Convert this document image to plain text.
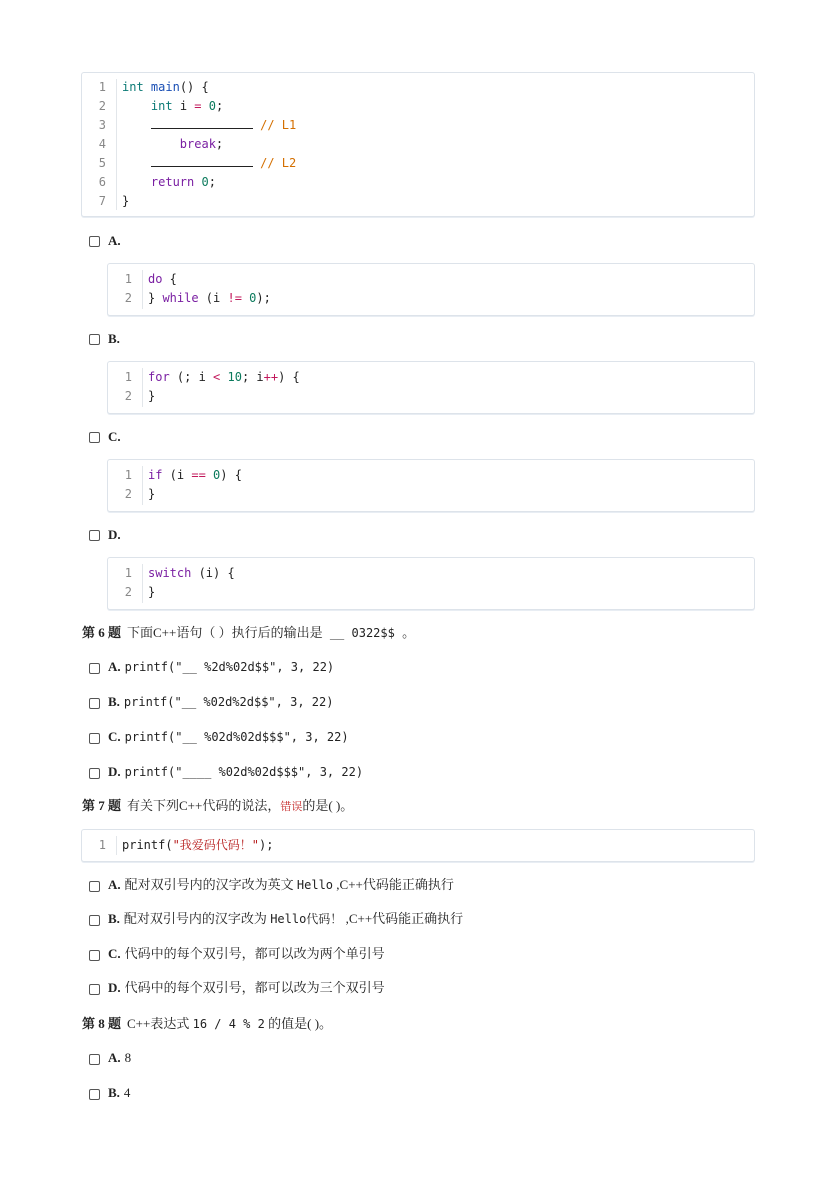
1 int main() {
2	int i = 0;
3	// L1
4	break;
5	// L2
6	return 0;
7 }
A.
1 do {
2 } while (i != 0);
B.
1 for (; i < 10; i++) {
2 }
C.
1 if (i == 0) {
2 }
D.
1 switch (i) {
2 }
第 6 题 下面C++语句（ ）执行后的输出是 __ 0322$$ 。
A. printf("__ %2d%02d$$", 3, 22)
B. printf("__ %02d%2d$$", 3, 22)
C. printf("__ %02d%02d$$$", 3, 22)
D. printf("____ %02d%02d$$$", 3, 22)
第 7 题 有关下列C++代码的说法，错误的是( )。
1 printf("我爱码代码！");
A. 配对双引号内的汉字改为英文 Hello ,C++代码能正确执行
B. 配对双引号内的汉字改为 Hello代码！ ,C++代码能正确执行
C. 代码中的每个双引号，都可以改为两个单引号
D. 代码中的每个双引号，都可以改为三个双引号
第 8 题 C++表达式 16 / 4 % 2 的值是( )。
A. 8
B. 4
